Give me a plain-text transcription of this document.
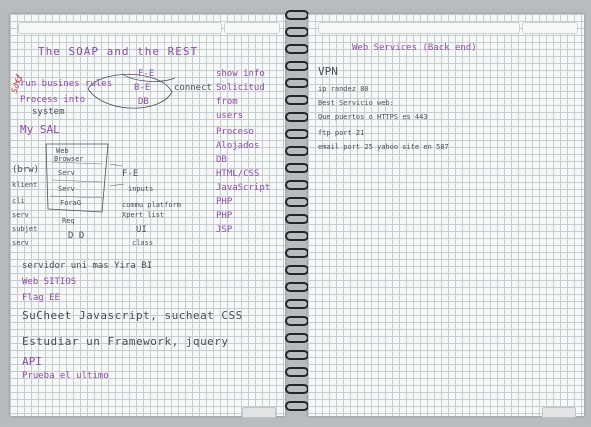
The SOAP and the REST
Soft
run busines rules
Process into
system
My SAL
F-E
B-E
DB
connect
show info
Solicitud
from
users
Proceso
Alojados
DB
HTML/CSS
JavaScript
PHP
PHP
JSP
F-E
inputs
commu platform
Xpert list
UI
class
(brw)
klient
cli
serv
subjet
serv
Web
Browser
Serv
Serv
ForaG
Req
D D
servidor uni mas Yira BI
Web SITIOS
Flag EE
SuCheet Javascript, sucheat CSS
Estudiar un Framework, jquery
API
Prueba el ultimo
Web Services (Back end)
VPN
ip randez 80
Best Servicio web:
Que puertos o HTTPS es 443
ftp port 21
email port 25 yahoo site en 587
